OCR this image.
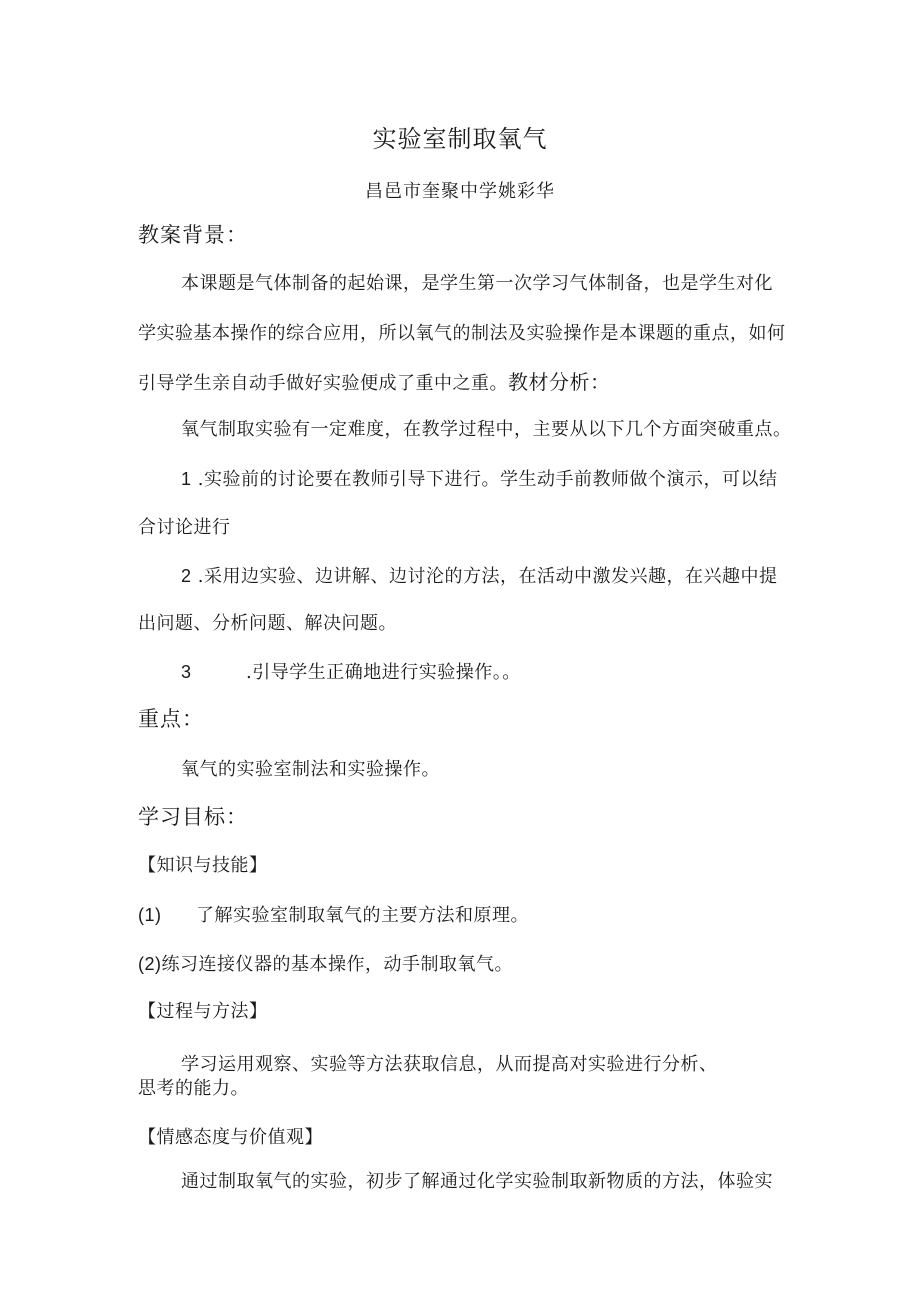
实验室制取氧气
昌邑市奎聚中学姚彩华
教案背景：
本课题是气体制备的起始课，是学生第一次学习气体制备，也是学生对化
学实验基本操作的综合应用，所以氧气的制法及实验操作是本课题的重点，如何
引导学生亲自动手做好实验便成了重中之重。教材分析：
氧气制取实验有一定难度，在教学过程中，主要从以下几个方面突破重点。
1 .实验前的讨论要在教师引导下进行。学生动手前教师做个演示，可以结
合讨论进行
2 .采用边实验、边讲解、边讨沦的方法，在活动中激发兴趣，在兴趣中提
出问题、分析问题、解决问题。
3	.引导学生正确地进行实验操作。。
重点：
氧气的实验室制法和实验操作。
学习目标：
【知识与技能】
(1) 了解实验室制取氧气的主要方法和原理。
(2)练习连接仪器的基本操作，动手制取氧气。
【过程与方法】
学习运用观察、实验等方法获取信息，从而提高对实验进行分析、
思考的能力。
【情感态度与价值观】
通过制取氧气的实验，初步了解通过化学实验制取新物质的方法，体验实
